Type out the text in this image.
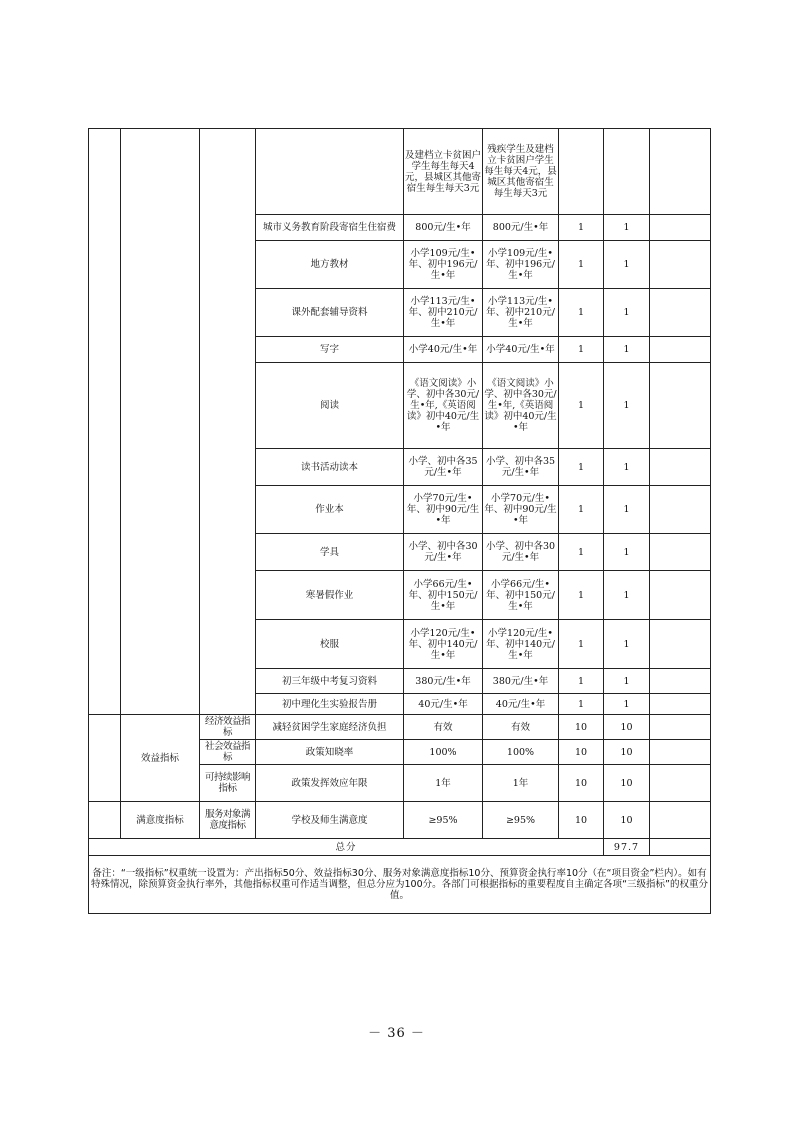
				及建档立卡贫困户学生每生每天4元，县城区其他寄宿生每生每天3元	残疾学生及建档立卡贫困户学生每生每天4元，县城区其他寄宿生每生每天3元			
			城市义务教育阶段寄宿生住宿费	800元/生•年	800元/生•年	1	1	
			地方教材	小学109元/生•年、初中196元/生•年	小学109元/生•年、初中196元/生•年	1	1	
			课外配套辅导资料	小学113元/生•年、初中210元/生•年	小学113元/生•年、初中210元/生•年	1	1	
			写字	小学40元/生•年	小学40元/生•年	1	1	
			阅读	《语文阅读》小学、初中各30元/生•年,《英语阅读》初中40元/生•年	《语文阅读》小学、初中各30元/生•年,《英语阅读》初中40元/生•年	1	1	
			读书活动读本	小学、初中各35元/生•年	小学、初中各35元/生•年	1	1	
			作业本	小学70元/生•年、初中90元/生•年	小学70元/生•年、初中90元/生•年	1	1	
			学具	小学、初中各30元/生•年	小学、初中各30元/生•年	1	1	
			寒暑假作业	小学66元/生•年、初中150元/生•年	小学66元/生•年、初中150元/生•年	1	1	
			校服	小学120元/生•年、初中140元/生•年	小学120元/生•年、初中140元/生•年	1	1	
			初三年级中考复习资料	380元/生•年	380元/生•年	1	1	
			初中理化生实验报告册	40元/生•年	40元/生•年	1	1	
	效益指标	经济效益指标	减轻贫困学生家庭经济负担	有效	有效	10	10	
		社会效益指标	政策知晓率	100%	100%	10	10	
		可持续影响指标	政策发挥效应年限	1年	1年	10	10	
	满意度指标	服务对象满意度指标	学校及师生满意度	≥95%	≥95%	10	10	
总分							97.7	
备注：“一级指标”权重统一设置为：产出指标50分、效益指标30分、服务对象满意度指标10分、预算资金执行率10分（在“项目资金”栏内）。如有特殊情况，除预算资金执行率外，其他指标权重可作适当调整，但总分应为100分。各部门可根据指标的重要程度自主确定各项“三级指标”的权重分值。								
－ 36 －
